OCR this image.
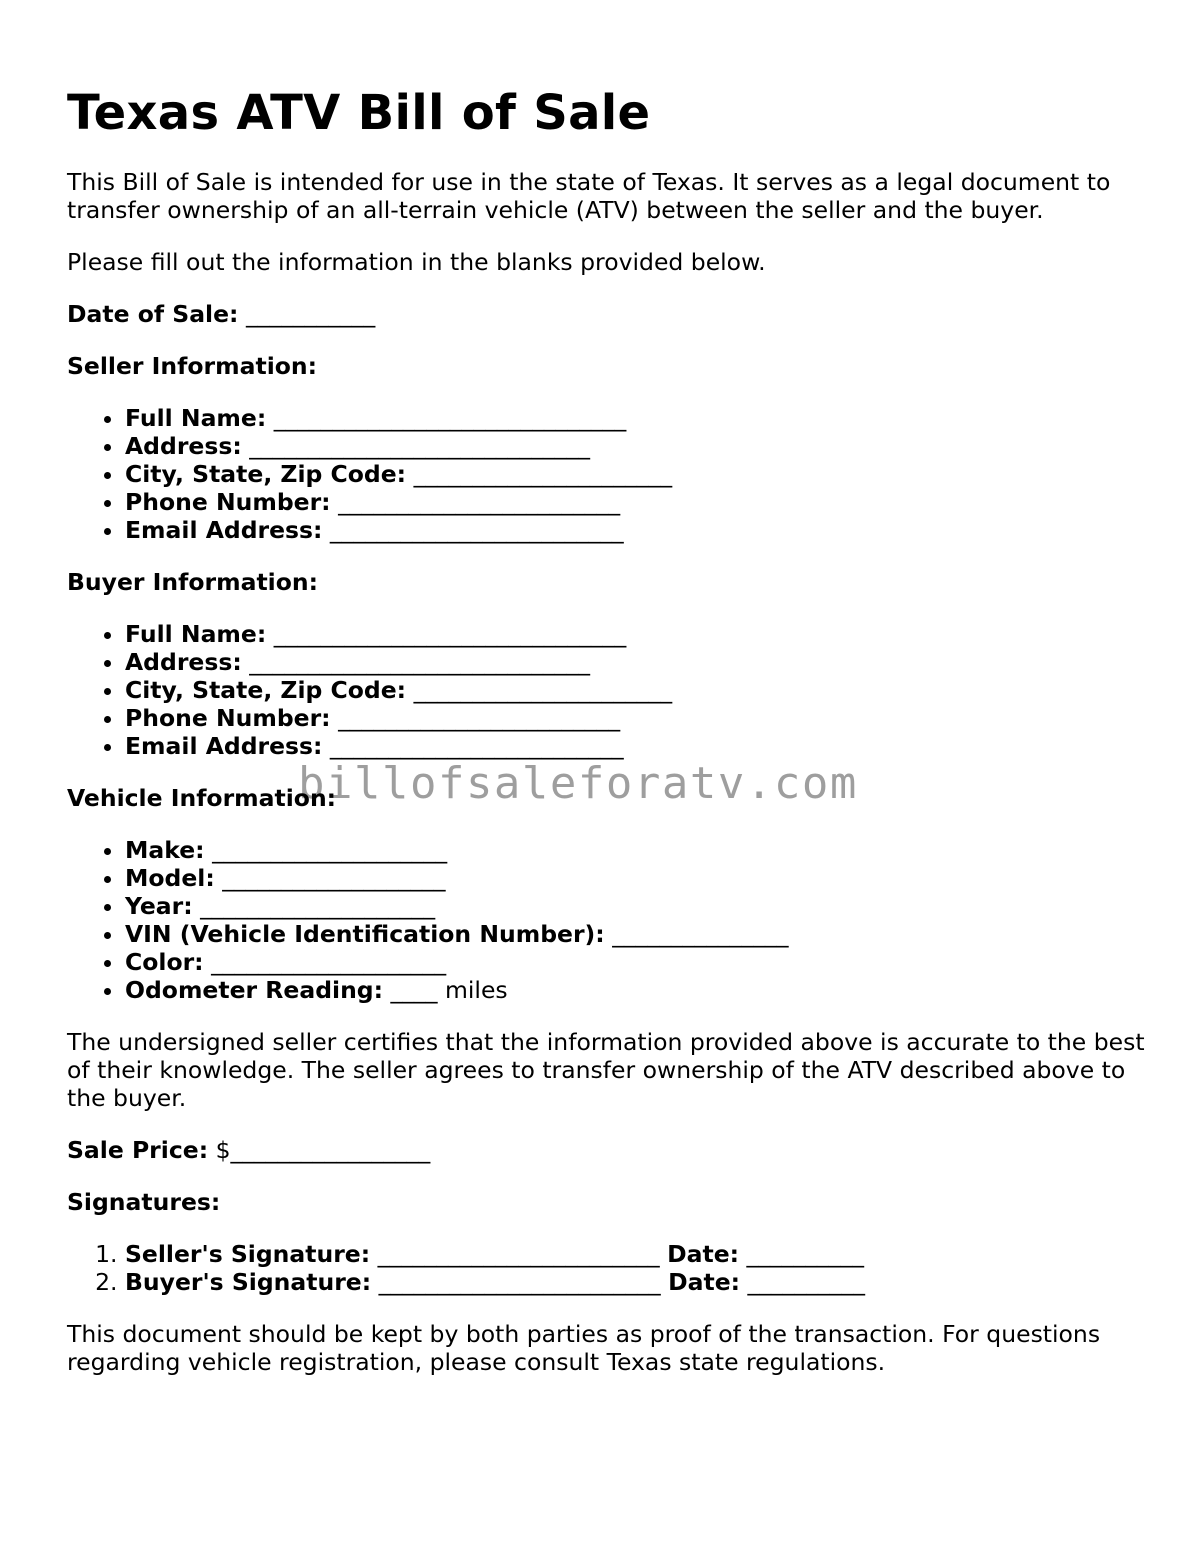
Texas ATV Bill of Sale

This Bill of Sale is intended for use in the state of Texas. It serves as a legal document to transfer ownership of an all-terrain vehicle (ATV) between the seller and the buyer.

Please fill out the information in the blanks provided below.

Date of Sale: ___________
Seller Information:
• Full Name: ______________________________
• Address: _____________________________
• City, State, Zip Code: ______________________
• Phone Number: ________________________
• Email Address: _________________________
Buyer Information:
• Full Name: ______________________________
• Address: _____________________________
• City, State, Zip Code: ______________________
• Phone Number: ________________________
• Email Address: _________________________
Vehicle Information:
• Make: ____________________
• Model: ___________________
• Year: ____________________
• VIN (Vehicle Identification Number): _______________
• Color: ____________________
• Odometer Reading: ____ miles

The undersigned seller certifies that the information provided above is accurate to the best of their knowledge. The seller agrees to transfer ownership of the ATV described above to the buyer.

Sale Price: $_________________
Signatures:
1. Seller's Signature: ________________________ Date: __________
2. Buyer's Signature: ________________________ Date: __________

This document should be kept by both parties as proof of the transaction. For questions regarding vehicle registration, please consult Texas state regulations.

billofsaleforatv.com
